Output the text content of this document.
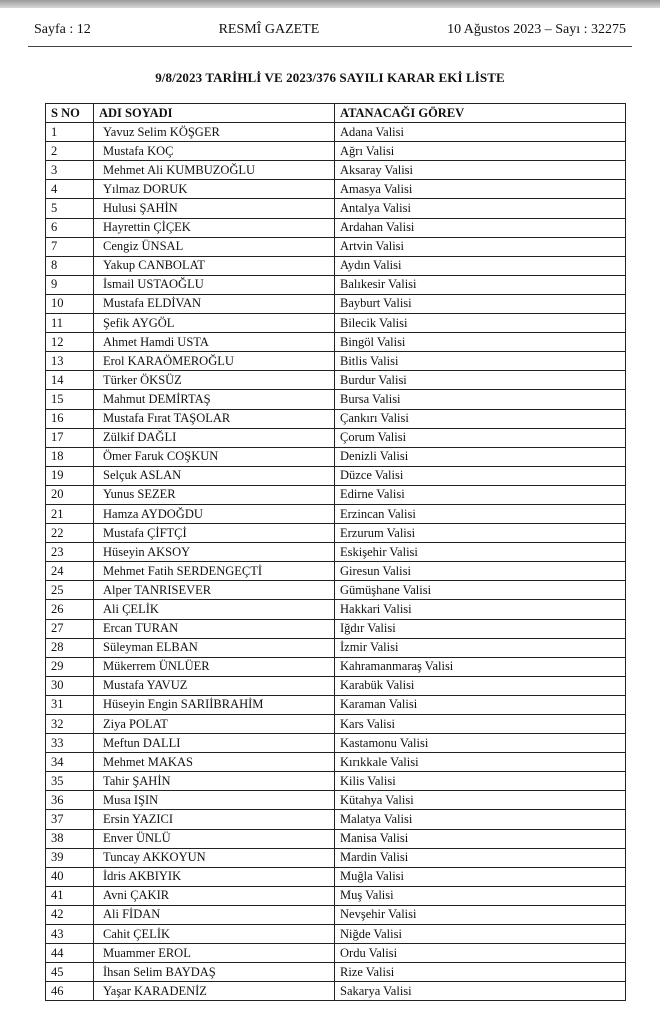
Sayfa : 12	RESMÎ GAZETE	10 Ağustos 2023 – Sayı : 32275
9/8/2023 TARİHLİ VE 2023/376 SAYILI KARAR EKİ LİSTE
S NO	ADI SOYADI	ATANACAĞI GÖREV
1	Yavuz Selim KÖŞGER	Adana Valisi
2	Mustafa KOÇ	Ağrı Valisi
3	Mehmet Ali KUMBUZOĞLU	Aksaray Valisi
4	Yılmaz DORUK	Amasya Valisi
5	Hulusi ŞAHİN	Antalya Valisi
6	Hayrettin ÇİÇEK	Ardahan Valisi
7	Cengiz ÜNSAL	Artvin Valisi
8	Yakup CANBOLAT	Aydın Valisi
9	İsmail USTAOĞLU	Balıkesir Valisi
10	Mustafa ELDİVAN	Bayburt Valisi
11	Şefik AYGÖL	Bilecik Valisi
12	Ahmet Hamdi USTA	Bingöl Valisi
13	Erol KARAÖMEROĞLU	Bitlis Valisi
14	Türker ÖKSÜZ	Burdur Valisi
15	Mahmut DEMİRTAŞ	Bursa Valisi
16	Mustafa Fırat TAŞOLAR	Çankırı Valisi
17	Zülkif DAĞLI	Çorum Valisi
18	Ömer Faruk COŞKUN	Denizli Valisi
19	Selçuk ASLAN	Düzce Valisi
20	Yunus SEZER	Edirne Valisi
21	Hamza AYDOĞDU	Erzincan Valisi
22	Mustafa ÇİFTÇİ	Erzurum Valisi
23	Hüseyin AKSOY	Eskişehir Valisi
24	Mehmet Fatih SERDENGEÇTİ	Giresun Valisi
25	Alper TANRISEVER	Gümüşhane Valisi
26	Ali ÇELİK	Hakkari Valisi
27	Ercan TURAN	Iğdır Valisi
28	Süleyman ELBAN	İzmir Valisi
29	Mükerrem ÜNLÜER	Kahramanmaraş Valisi
30	Mustafa YAVUZ	Karabük Valisi
31	Hüseyin Engin SARIİBRAHİM	Karaman Valisi
32	Ziya POLAT	Kars Valisi
33	Meftun DALLI	Kastamonu Valisi
34	Mehmet MAKAS	Kırıkkale Valisi
35	Tahir ŞAHİN	Kilis Valisi
36	Musa IŞIN	Kütahya Valisi
37	Ersin YAZICI	Malatya Valisi
38	Enver ÜNLÜ	Manisa Valisi
39	Tuncay AKKOYUN	Mardin Valisi
40	İdris AKBIYIK	Muğla Valisi
41	Avni ÇAKIR	Muş Valisi
42	Ali FİDAN	Nevşehir Valisi
43	Cahit ÇELİK	Niğde Valisi
44	Muammer EROL	Ordu Valisi
45	İhsan Selim BAYDAŞ	Rize Valisi
46	Yaşar KARADENİZ	Sakarya Valisi
